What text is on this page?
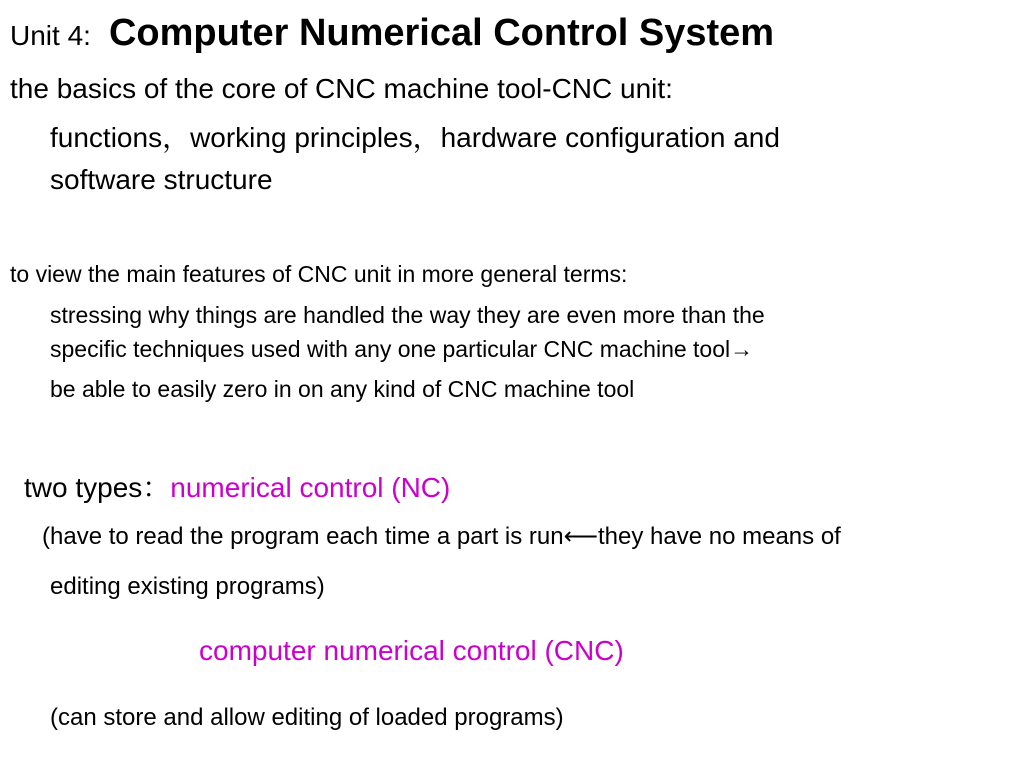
Unit 4: Computer Numerical Control System
the basics of the core of CNC machine tool-CNC unit:
functions，working principles，hardware configuration and
software structure
to view the main features of CNC unit in more general terms:
stressing why things are handled the way they are even more than the
specific techniques used with any one particular CNC machine tool→
be able to easily zero in on any kind of CNC machine tool
two types：numerical control (NC)
(have to read the program each time a part is run⟵they have no means of
editing existing programs)
computer numerical control (CNC)
(can store and allow editing of loaded programs)
